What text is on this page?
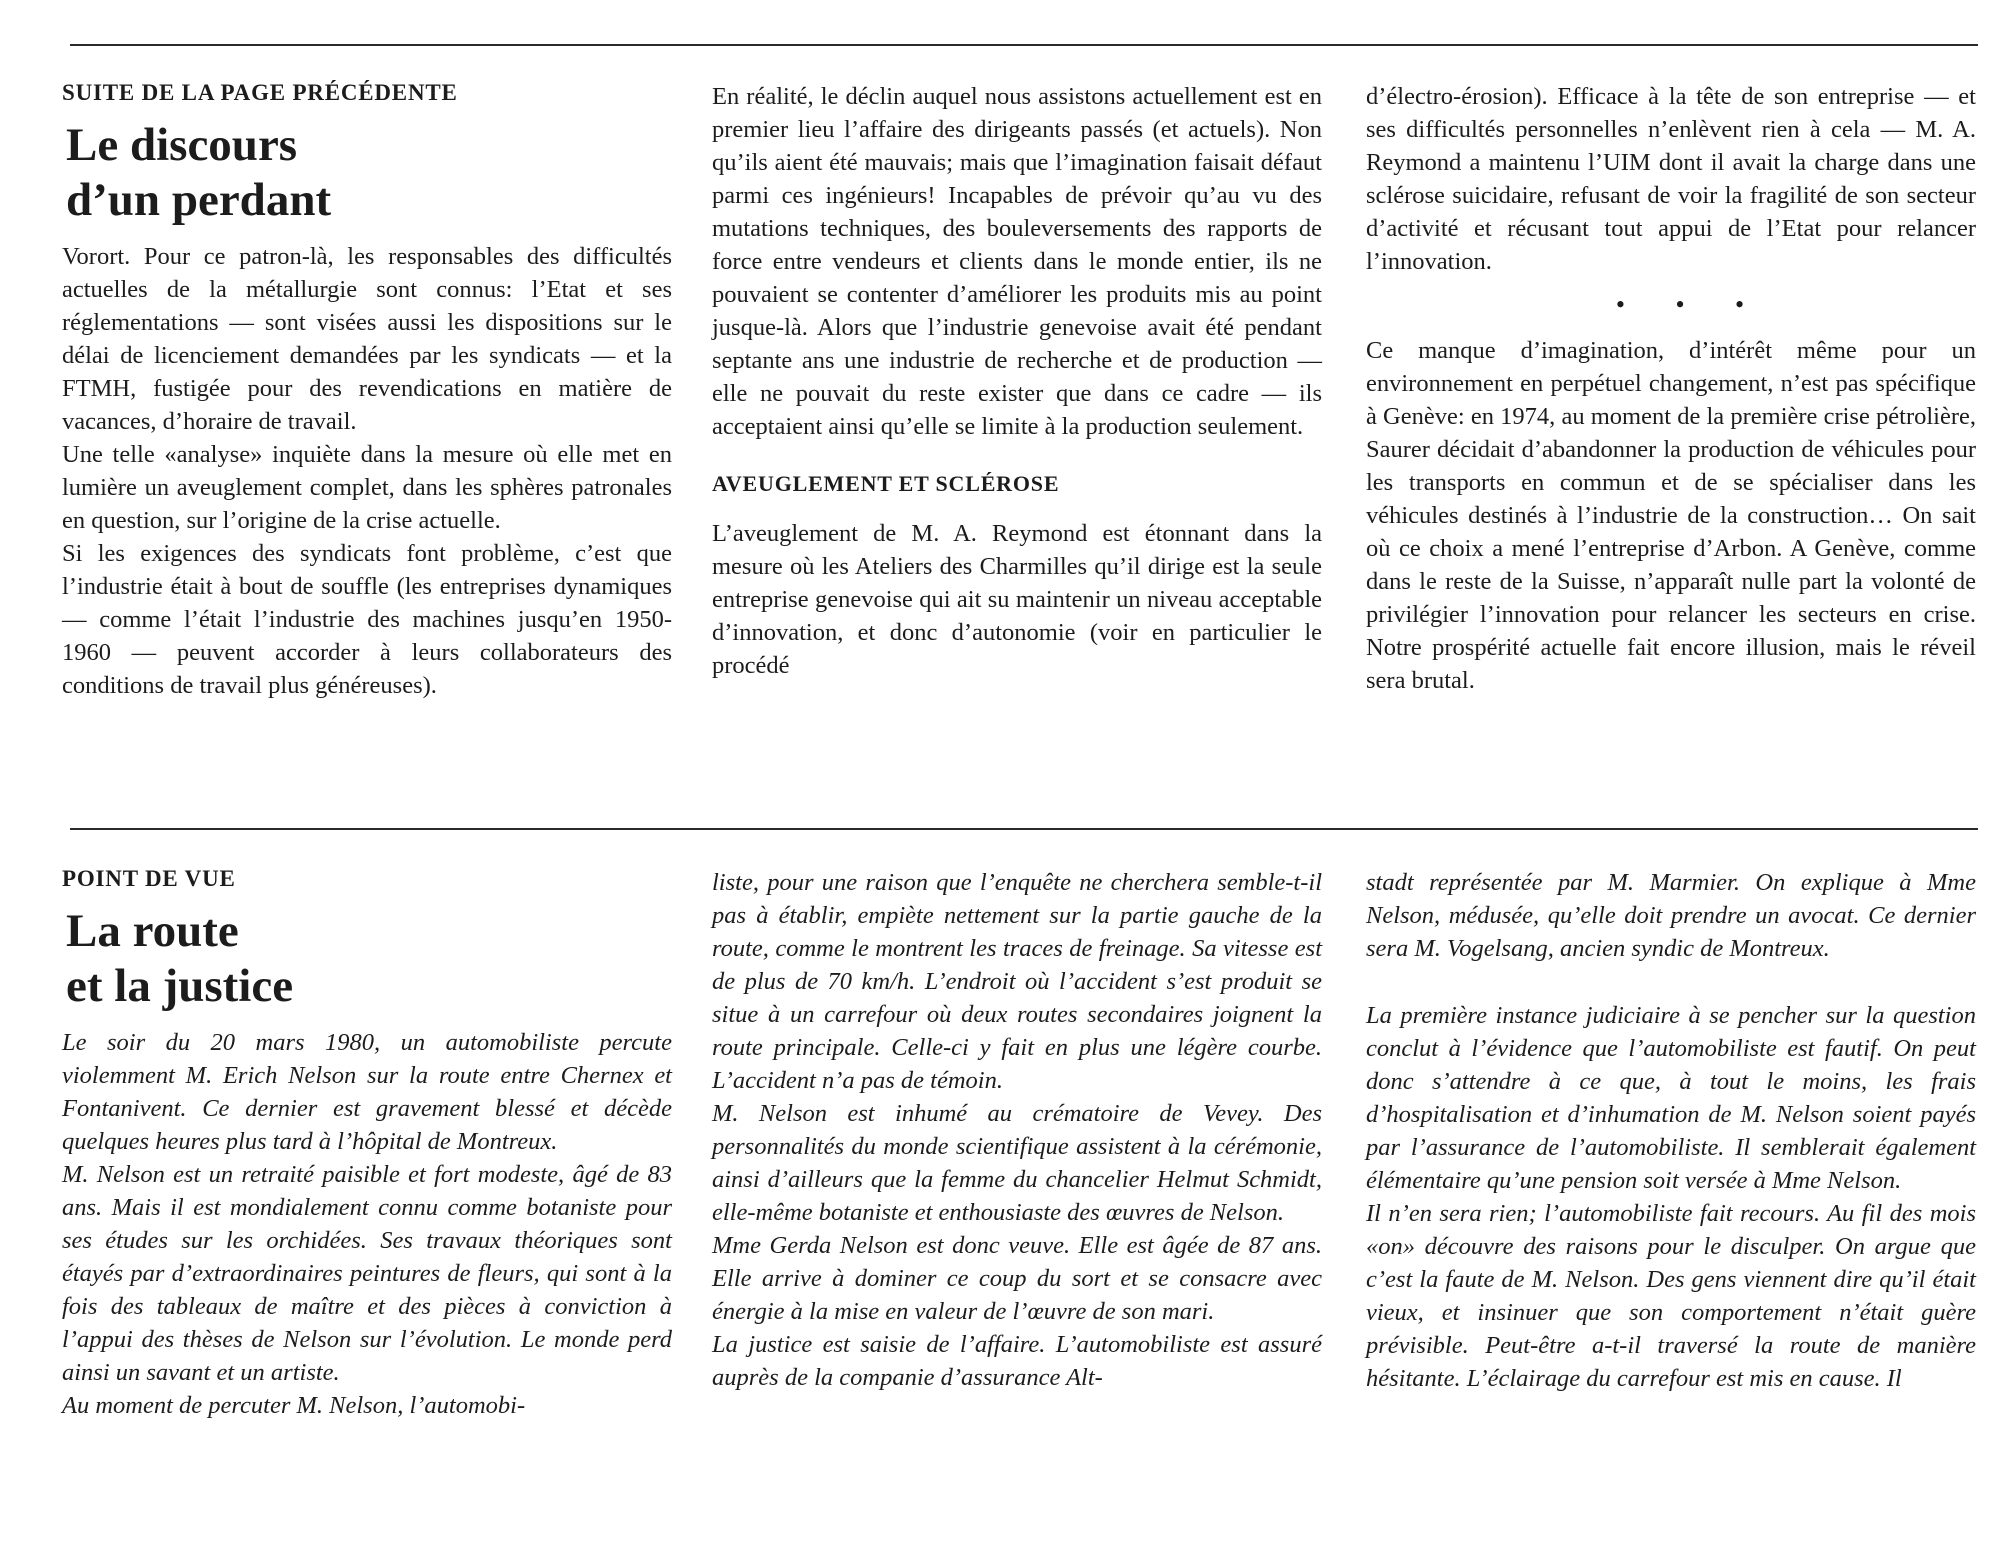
SUITE DE LA PAGE PRÉCÉDENTE
Le discours
d’un perdant

Vorort. Pour ce patron-là, les responsables des difficultés actuelles de la métallurgie sont connus: l’Etat et ses réglementations — sont visées aussi les dispositions sur le délai de licenciement demandées par les syndicats — et la FTMH, fustigée pour des revendications en matière de vacances, d’horaire de travail.

Une telle «analyse» inquiète dans la mesure où elle met en lumière un aveuglement complet, dans les sphères patronales en question, sur l’origine de la crise actuelle.

Si les exigences des syndicats font problème, c’est que l’industrie était à bout de souffle (les entreprises dynamiques — comme l’était l’industrie des machines jusqu’en 1950-1960 — peuvent accorder à leurs collaborateurs des conditions de travail plus généreuses).

En réalité, le déclin auquel nous assistons actuellement est en premier lieu l’affaire des dirigeants passés (et actuels). Non qu’ils aient été mauvais; mais que l’imagination faisait défaut parmi ces ingénieurs! Incapables de prévoir qu’au vu des mutations techniques, des bouleversements des rapports de force entre vendeurs et clients dans le monde entier, ils ne pouvaient se contenter d’améliorer les produits mis au point jusque-là. Alors que l’industrie genevoise avait été pendant septante ans une industrie de recherche et de production — elle ne pouvait du reste exister que dans ce cadre — ils acceptaient ainsi qu’elle se limite à la production seulement.

AVEUGLEMENT ET SCLÉROSE

L’aveuglement de M. A. Reymond est étonnant dans la mesure où les Ateliers des Charmilles qu’il dirige est la seule entreprise genevoise qui ait su maintenir un niveau acceptable d’innovation, et donc d’autonomie (voir en particulier le procédé

d’électro-érosion). Efficace à la tête de son entreprise — et ses difficultés personnelles n’enlèvent rien à cela — M. A. Reymond a maintenu l’UIM dont il avait la charge dans une sclérose suicidaire, refusant de voir la fragilité de son secteur d’activité et récusant tout appui de l’Etat pour relancer l’innovation.

• • •

Ce manque d’imagination, d’intérêt même pour un environnement en perpétuel changement, n’est pas spécifique à Genève: en 1974, au moment de la première crise pétrolière, Saurer décidait d’abandonner la production de véhicules pour les transports en commun et de se spécialiser dans les véhicules destinés à l’industrie de la construction… On sait où ce choix a mené l’entreprise d’Arbon. A Genève, comme dans le reste de la Suisse, n’apparaît nulle part la volonté de privilégier l’innovation pour relancer les secteurs en crise. Notre prospérité actuelle fait encore illusion, mais le réveil sera brutal.

POINT DE VUE
La route
et la justice

Le soir du 20 mars 1980, un automobiliste percute violemment M. Erich Nelson sur la route entre Chernex et Fontanivent. Ce dernier est gravement blessé et décède quelques heures plus tard à l’hôpital de Montreux.

M. Nelson est un retraité paisible et fort modeste, âgé de 83 ans. Mais il est mondialement connu comme botaniste pour ses études sur les orchidées. Ses travaux théoriques sont étayés par d’extraordinaires peintures de fleurs, qui sont à la fois des tableaux de maître et des pièces à conviction à l’appui des thèses de Nelson sur l’évolution. Le monde perd ainsi un savant et un artiste.

Au moment de percuter M. Nelson, l’automobi-

liste, pour une raison que l’enquête ne cherchera semble-t-il pas à établir, empiète nettement sur la partie gauche de la route, comme le montrent les traces de freinage. Sa vitesse est de plus de 70 km/h. L’endroit où l’accident s’est produit se situe à un carrefour où deux routes secondaires joignent la route principale. Celle-ci y fait en plus une légère courbe. L’accident n’a pas de témoin.

M. Nelson est inhumé au crématoire de Vevey. Des personnalités du monde scientifique assistent à la cérémonie, ainsi d’ailleurs que la femme du chancelier Helmut Schmidt, elle-même botaniste et enthousiaste des œuvres de Nelson.

Mme Gerda Nelson est donc veuve. Elle est âgée de 87 ans. Elle arrive à dominer ce coup du sort et se consacre avec énergie à la mise en valeur de l’œuvre de son mari.

La justice est saisie de l’affaire. L’automobiliste est assuré auprès de la companie d’assurance Alt-

stadt représentée par M. Marmier. On explique à Mme Nelson, médusée, qu’elle doit prendre un avocat. Ce dernier sera M. Vogelsang, ancien syndic de Montreux.

La première instance judiciaire à se pencher sur la question conclut à l’évidence que l’automobiliste est fautif. On peut donc s’attendre à ce que, à tout le moins, les frais d’hospitalisation et d’inhumation de M. Nelson soient payés par l’assurance de l’automobiliste. Il semblerait également élémentaire qu’une pension soit versée à Mme Nelson.

Il n’en sera rien; l’automobiliste fait recours. Au fil des mois «on» découvre des raisons pour le disculper. On argue que c’est la faute de M. Nelson. Des gens viennent dire qu’il était vieux, et insinuer que son comportement n’était guère prévisible. Peut-être a-t-il traversé la route de manière hésitante. L’éclairage du carrefour est mis en cause. Il
